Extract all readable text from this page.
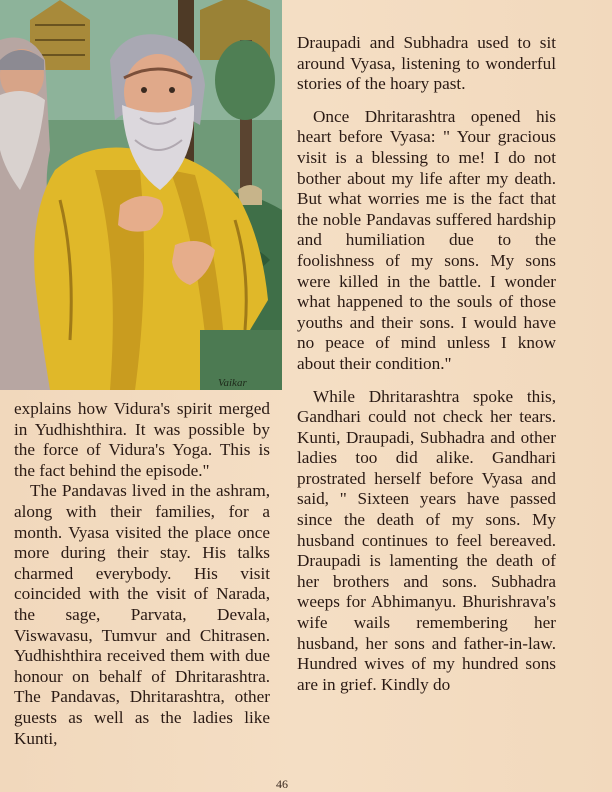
Vaikar

explains how Vidura's spirit merged in Yudhishthira. It was possible by the force of Vidura's Yoga. This is the fact behind the episode."

The Pandavas lived in the ashram, along with their families, for a month. Vyasa visited the place once more during their stay. His talks charmed everybody. His visit coincided with the visit of Narada, the sage, Parvata, Devala, Viswavasu, Tumvur and Chitrasen. Yudhishthira received them with due honour on behalf of Dhritarashtra. The Pandavas, Dhritarashtra, other guests as well as the ladies like Kunti,

Draupadi and Subhadra used to sit around Vyasa, listening to wonderful stories of the hoary past.

Once Dhritarashtra opened his heart before Vyasa: " Your gracious visit is a blessing to me! I do not bother about my life after my death. But what worries me is the fact that the noble Pandavas suffered hardship and humiliation due to the foolishness of my sons. My sons were killed in the battle. I wonder what happened to the souls of those youths and their sons. I would have no peace of mind unless I know about their condition."

While Dhritarashtra spoke this, Gandhari could not check her tears. Kunti, Draupadi, Subhadra and other ladies too did alike. Gandhari prostrated herself before Vyasa and said, " Sixteen years have passed since the death of my sons. My husband continues to feel bereaved. Draupadi is lamenting the death of her brothers and sons. Subhadra weeps for Abhimanyu. Bhurishrava's wife wails remembering her husband, her sons and father-in-law. Hundred wives of my hundred sons are in grief. Kindly do

46
